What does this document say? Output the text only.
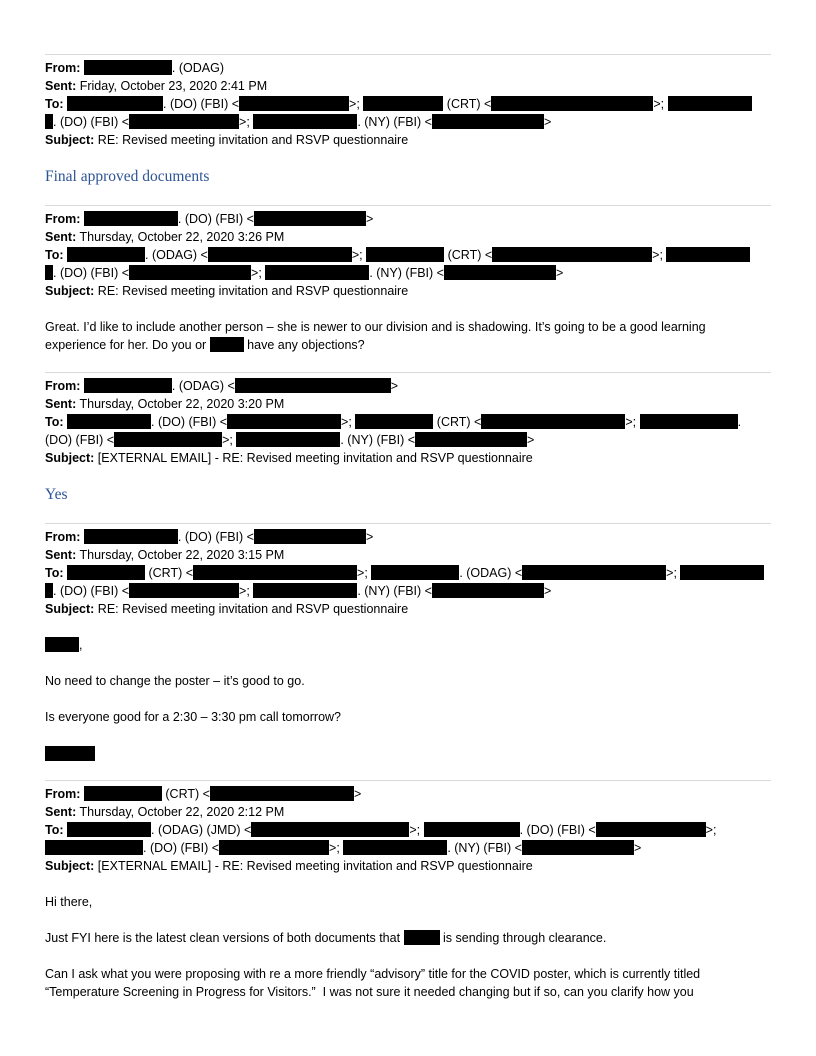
From:	. (ODAG)
Sent: Friday, October 23, 2020 2:41 PM
To:	. (DO) (FBI) <	>;	(CRT) <	>;
. (DO) (FBI) <	>;	. (NY) (FBI) <	>
Subject: RE: Revised meeting invitation and RSVP questionnaire
Final approved documents
From:	. (DO) (FBI) <	>
Sent: Thursday, October 22, 2020 3:26 PM
To:	. (ODAG) <	>;	(CRT) <	>;
. (DO) (FBI) <	>;	. (NY) (FBI) <	>
Subject: RE: Revised meeting invitation and RSVP questionnaire
Great. I’d like to include another person – she is newer to our division and is shadowing. It’s going to be a good learning
experience for her. Do you or	have any objections?
From:	. (ODAG) <	>
Sent: Thursday, October 22, 2020 3:20 PM
To:	. (DO) (FBI) <	>;	(CRT) <	>;	.
(DO) (FBI) <	>;	. (NY) (FBI) <	>
Subject: [EXTERNAL EMAIL] - RE: Revised meeting invitation and RSVP questionnaire
Yes
From:	. (DO) (FBI) <	>
Sent: Thursday, October 22, 2020 3:15 PM
To:	(CRT) <	>;	. (ODAG) <	>;
. (DO) (FBI) <	>;	. (NY) (FBI) <	>
Subject: RE: Revised meeting invitation and RSVP questionnaire
,
No need to change the poster – it’s good to go.
Is everyone good for a 2:30 – 3:30 pm call tomorrow?
From:	(CRT) <	>
Sent: Thursday, October 22, 2020 2:12 PM
To:	. (ODAG) (JMD) <	>;	. (DO) (FBI) <	>;
. (DO) (FBI) <	>;	. (NY) (FBI) <	>
Subject: [EXTERNAL EMAIL] - RE: Revised meeting invitation and RSVP questionnaire
Hi there,
Just FYI here is the latest clean versions of both documents that	is sending through clearance.
Can I ask what you were proposing with re a more friendly “advisory” title for the COVID poster, which is currently titled
“Temperature Screening in Progress for Visitors.”  I was not sure it needed changing but if so, can you clarify how you
